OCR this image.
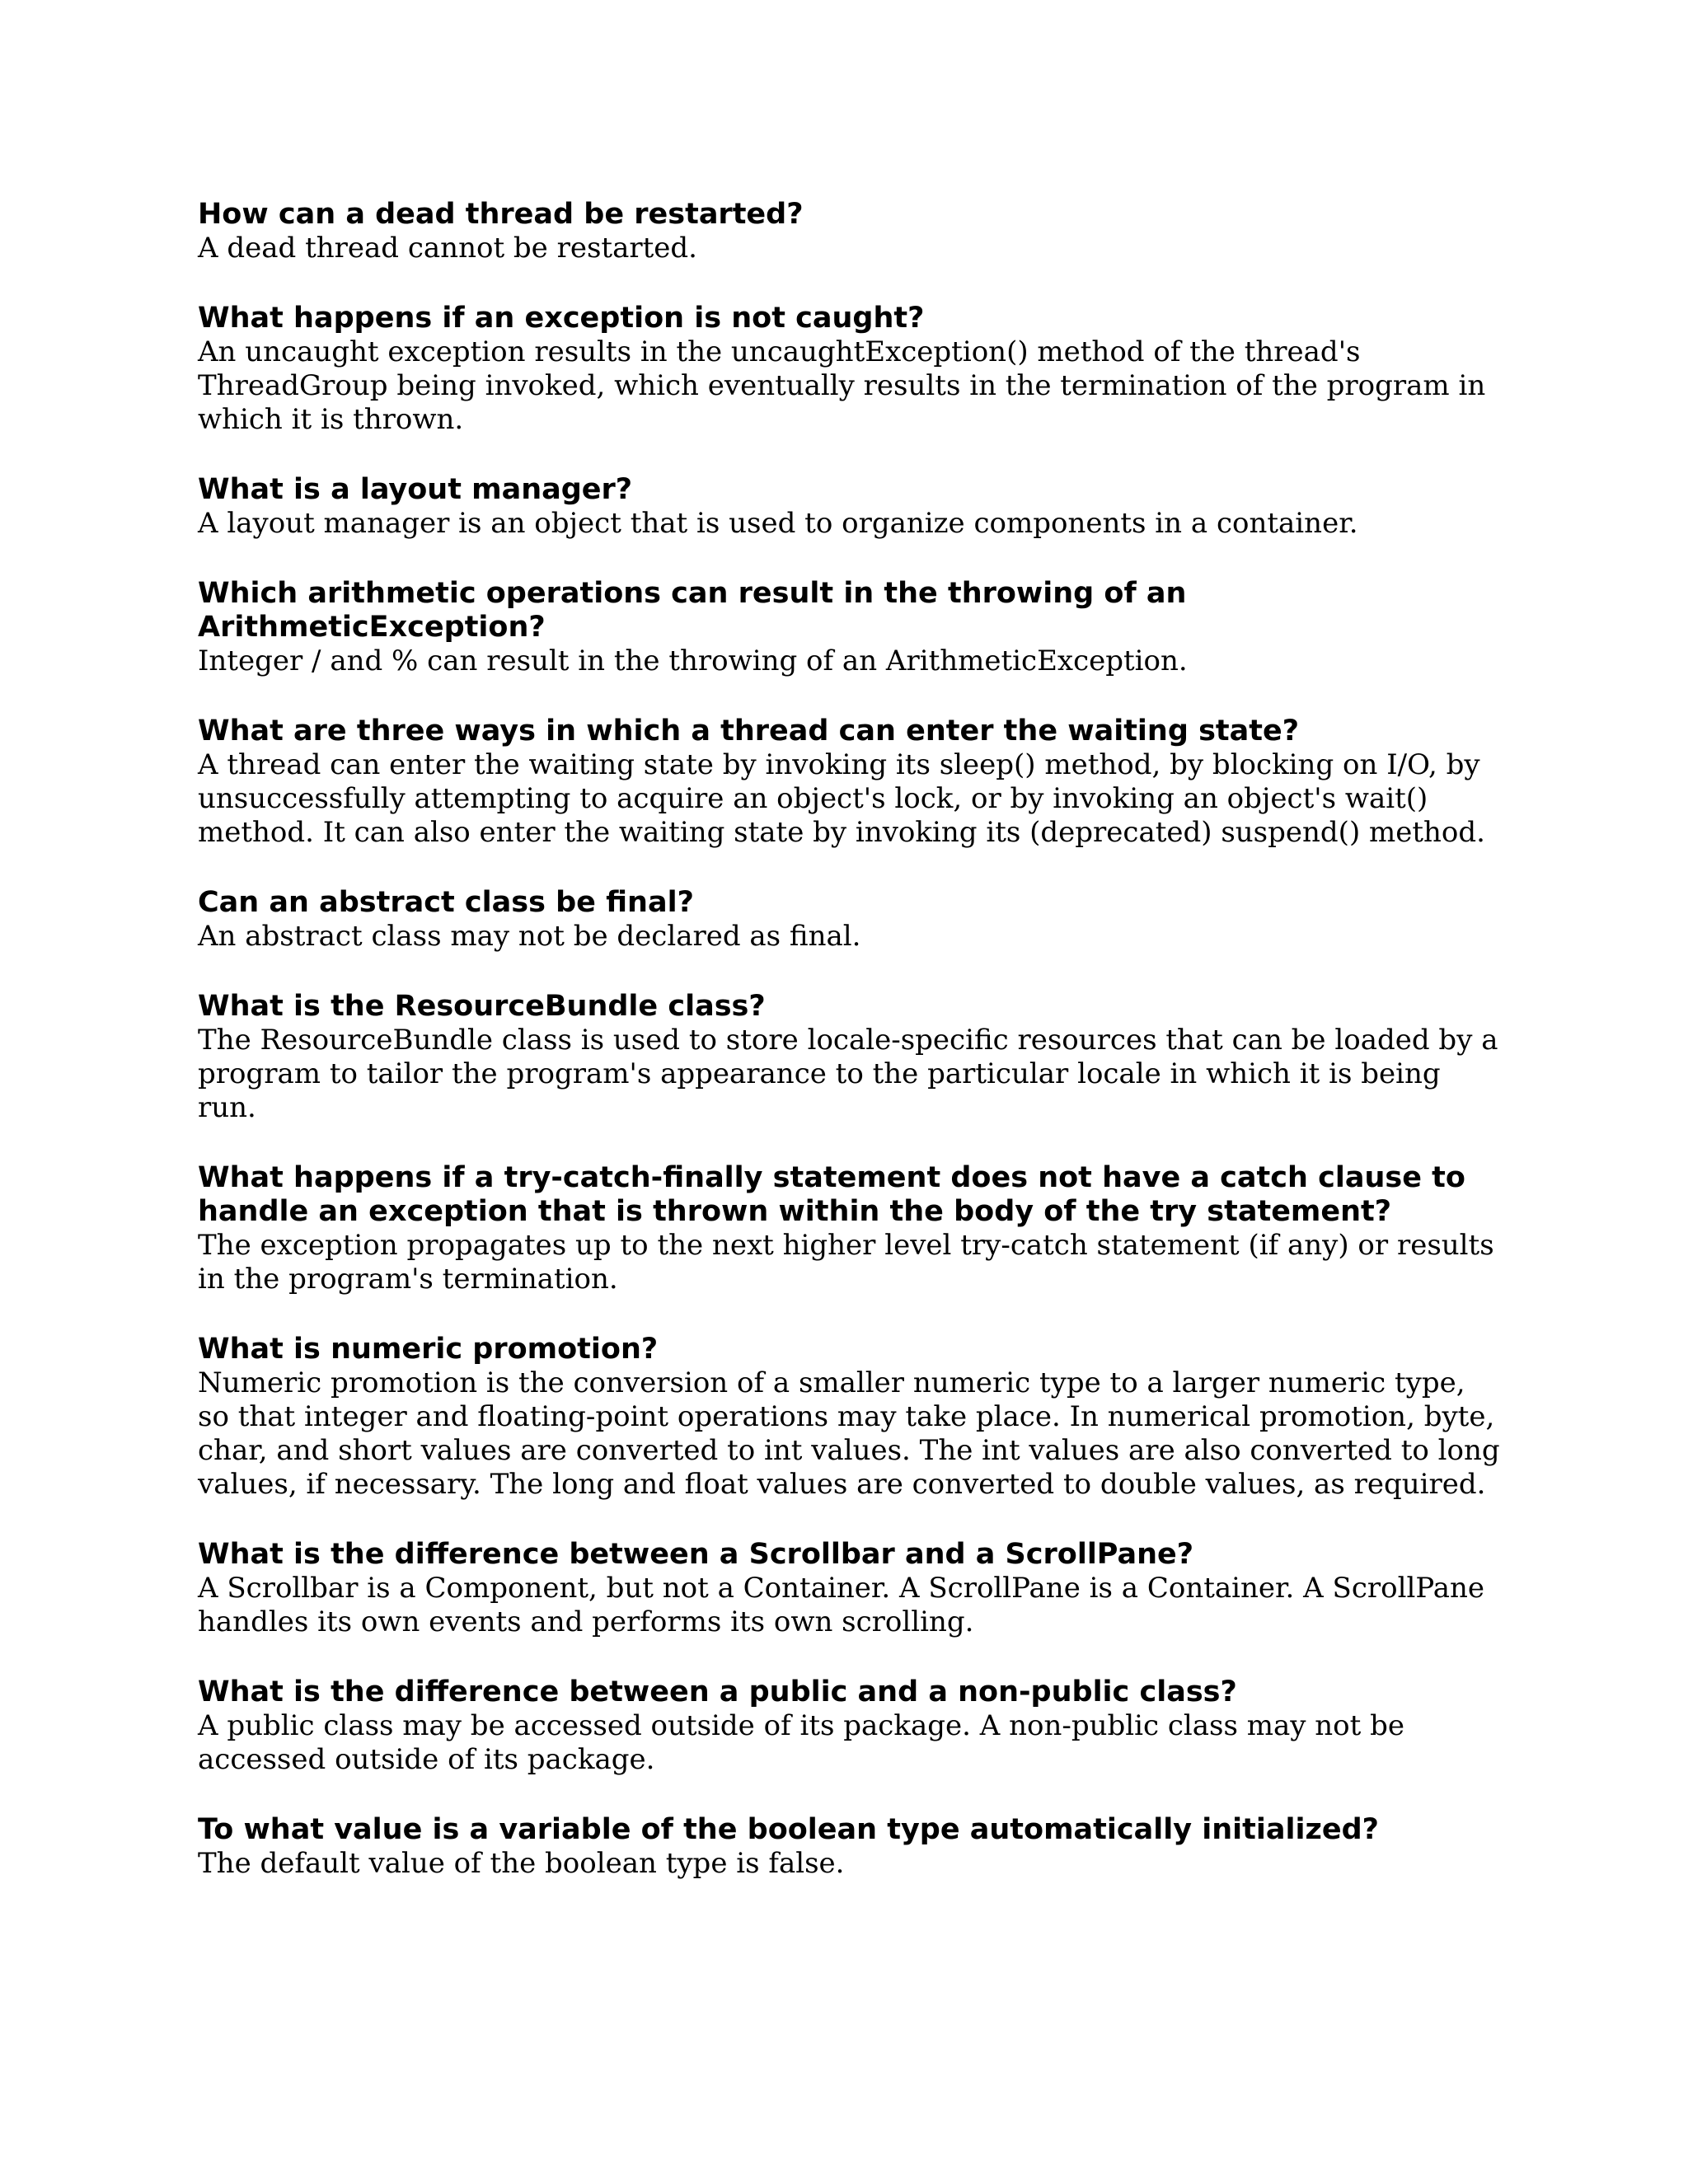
How can a dead thread be restarted?

A dead thread cannot be restarted.

What happens if an exception is not caught?

An uncaught exception results in the uncaughtException() method of the thread's ThreadGroup being invoked, which eventually results in the termination of the program in which it is thrown.

What is a layout manager?

A layout manager is an object that is used to organize components in a container.

Which arithmetic operations can result in the throwing of an ArithmeticException?

Integer / and % can result in the throwing of an ArithmeticException.

What are three ways in which a thread can enter the waiting state?

A thread can enter the waiting state by invoking its sleep() method, by blocking on I/O, by unsuccessfully attempting to acquire an object's lock, or by invoking an object's wait() method. It can also enter the waiting state by invoking its (deprecated) suspend() method.

Can an abstract class be final?

An abstract class may not be declared as final.

What is the ResourceBundle class?

The ResourceBundle class is used to store locale-specific resources that can be loaded by a program to tailor the program's appearance to the particular locale in which it is being run.

What happens if a try-catch-finally statement does not have a catch clause to handle an exception that is thrown within the body of the try statement?

The exception propagates up to the next higher level try-catch statement (if any) or results in the program's termination.

What is numeric promotion?

Numeric promotion is the conversion of a smaller numeric type to a larger numeric type, so that integer and floating-point operations may take place. In numerical promotion, byte, char, and short values are converted to int values. The int values are also converted to long values, if necessary. The long and float values are converted to double values, as required.

What is the difference between a Scrollbar and a ScrollPane?

A Scrollbar is a Component, but not a Container. A ScrollPane is a Container. A ScrollPane handles its own events and performs its own scrolling.

What is the difference between a public and a non-public class?

A public class may be accessed outside of its package. A non-public class may not be accessed outside of its package.

To what value is a variable of the boolean type automatically initialized?

The default value of the boolean type is false.
